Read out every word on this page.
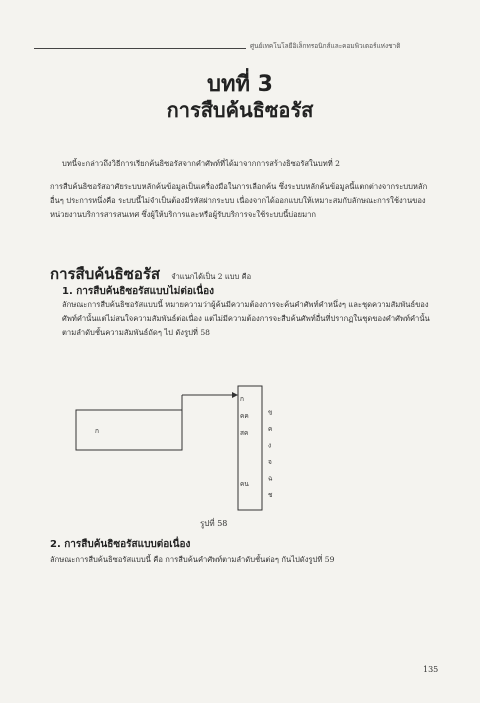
ศูนย์เทคโนโลยีอิเล็กทรอนิกส์และคอมพิวเตอร์แห่งชาติ
บทที่ 3
การสืบค้นธิซอรัส
บทนี้จะกล่าวถึงวิธีการเรียกค้นธิซอรัสจากคำศัพท์ที่ได้มาจากการสร้างธิซอรัสในบทที่ 2
การสืบค้นธิซอรัสอาศัยระบบหลักค้นข้อมูลเป็นเครื่องมือในการเลือกค้น ซึ่งระบบหลักค้นข้อมูลนี้แตกต่างจากระบบหลักอื่นๆ ประการหนึ่งคือ ระบบนี้ไม่จำเป็นต้องมีรหัสฝากระบบ เนื่องจากได้ออกแบบให้เหมาะสมกับลักษณะการใช้งานของหน่วยงานบริการสารสนเทศ ซึ่งผู้ให้บริการและหรือผู้รับบริการจะใช้ระบบนี้บ่อยมาก
การสืบค้นธิซอรัส จำแนกได้เป็น 2 แบบ คือ
1. การสืบค้นธิซอรัสแบบไม่ต่อเนื่อง
ลักษณะการสืบค้นธิซอรัสแบบนี้ หมายความว่าผู้ค้นมีความต้องการจะค้นคำศัพท์คำหนึ่งๆ และชุดความสัมพันธ์ของศัพท์คำนั้นแต่ไม่สนใจความสัมพันธ์ต่อเนื่อง แต่ไม่มีความต้องการจะสืบค้นศัพท์อื่นที่ปรากฏในชุดของคำศัพท์คำนั้นตามลำดับชั้นความสัมพันธ์ถัดๆ ไป ดังรูปที่ 58
ก
ก
คค
สค
คน
ข
ค
ง
จ
ฉ
ช
รูปที่ 58
2. การสืบค้นธิซอรัสแบบต่อเนื่อง
ลักษณะการสืบค้นธิซอรัสแบบนี้ คือ การสืบค้นคำศัพท์ตามลำดับชั้นต่อๆ กันไปดังรูปที่ 59
135
